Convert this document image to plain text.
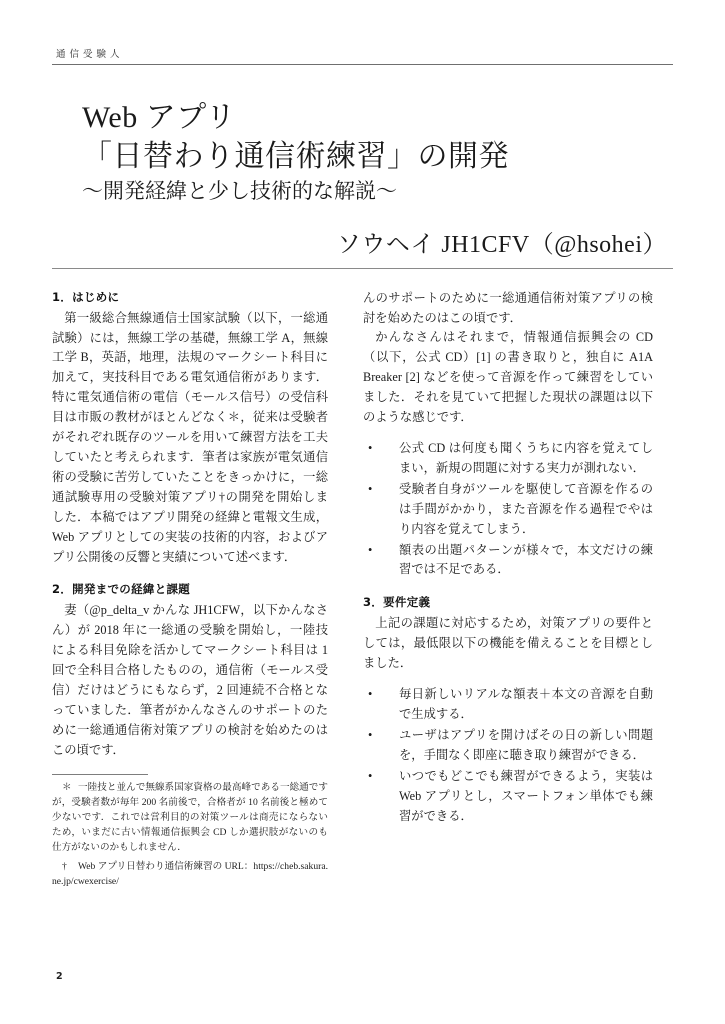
通信受験人
Web アプリ
「日替わり通信術練習」の開発
〜開発経緯と少し技術的な解説〜
ソウヘイ JH1CFV（@hsohei）
1．はじめに

第一級総合無線通信士国家試験（以下，一総通試験）には，無線工学の基礎，無線工学 A，無線工学 B，英語，地理，法規のマークシート科目に加えて，実技科目である電気通信術があります．特に電気通信術の電信（モールス信号）の受信科目は市販の教材がほとんどなく＊，従来は受験者がそれぞれ既存のツールを用いて練習方法を工夫していたと考えられます．筆者は家族が電気通信術の受験に苦労していたことをきっかけに，一総通試験専用の受験対策アプリ†の開発を開始しました．本稿ではアプリ開発の経緯と電報文生成，Web アプリとしての実装の技術的内容，およびアプリ公開後の反響と実績について述べます．

2．開発までの経緯と課題

妻（@p_delta_v かんな JH1CFW，以下かんなさん）が 2018 年に一総通の受験を開始し，一陸技による科目免除を活かしてマークシート科目は 1 回で全科目合格したものの，通信術（モールス受信）だけはどうにもならず，2 回連続不合格となっていました．筆者がかんなさんのサポートのために一総通通信術対策アプリの検討を始めたのはこの頃です．

＊ 一陸技と並んで無線系国家資格の最高峰である一総通ですが，受験者数が毎年 200 名前後で，合格者が 10 名前後と極めて少ないです．これでは営利目的の対策ツールは商売にならないため，いまだに古い情報通信振興会 CD しか選択肢がないのも仕方がないのかもしれません．

† Web アプリ日替わり通信術練習の URL：https://cheb.sakura.ne.jp/cwexercise/

んのサポートのために一総通通信術対策アプリの検討を始めたのはこの頃です．

かんなさんはそれまで，情報通信振興会の CD（以下，公式 CD）[1] の書き取りと，独自に A1A Breaker [2] などを使って音源を作って練習をしていました．それを見ていて把握した現状の課題は以下のような感じです．

• 公式 CD は何度も聞くうちに内容を覚えてしまい，新規の問題に対する実力が測れない．
• 受験者自身がツールを駆使して音源を作るのは手間がかかり，また音源を作る過程でやはり内容を覚えてしまう．
• 額表の出題パターンが様々で，本文だけの練習では不足である．
3．要件定義

上記の課題に対応するため，対策アプリの要件としては，最低限以下の機能を備えることを目標としました．

• 毎日新しいリアルな額表＋本文の音源を自動で生成する．
• ユーザはアプリを開けばその日の新しい問題を，手間なく即座に聴き取り練習ができる．
• いつでもどこでも練習ができるよう，実装は Web アプリとし，スマートフォン単体でも練習ができる．
2
